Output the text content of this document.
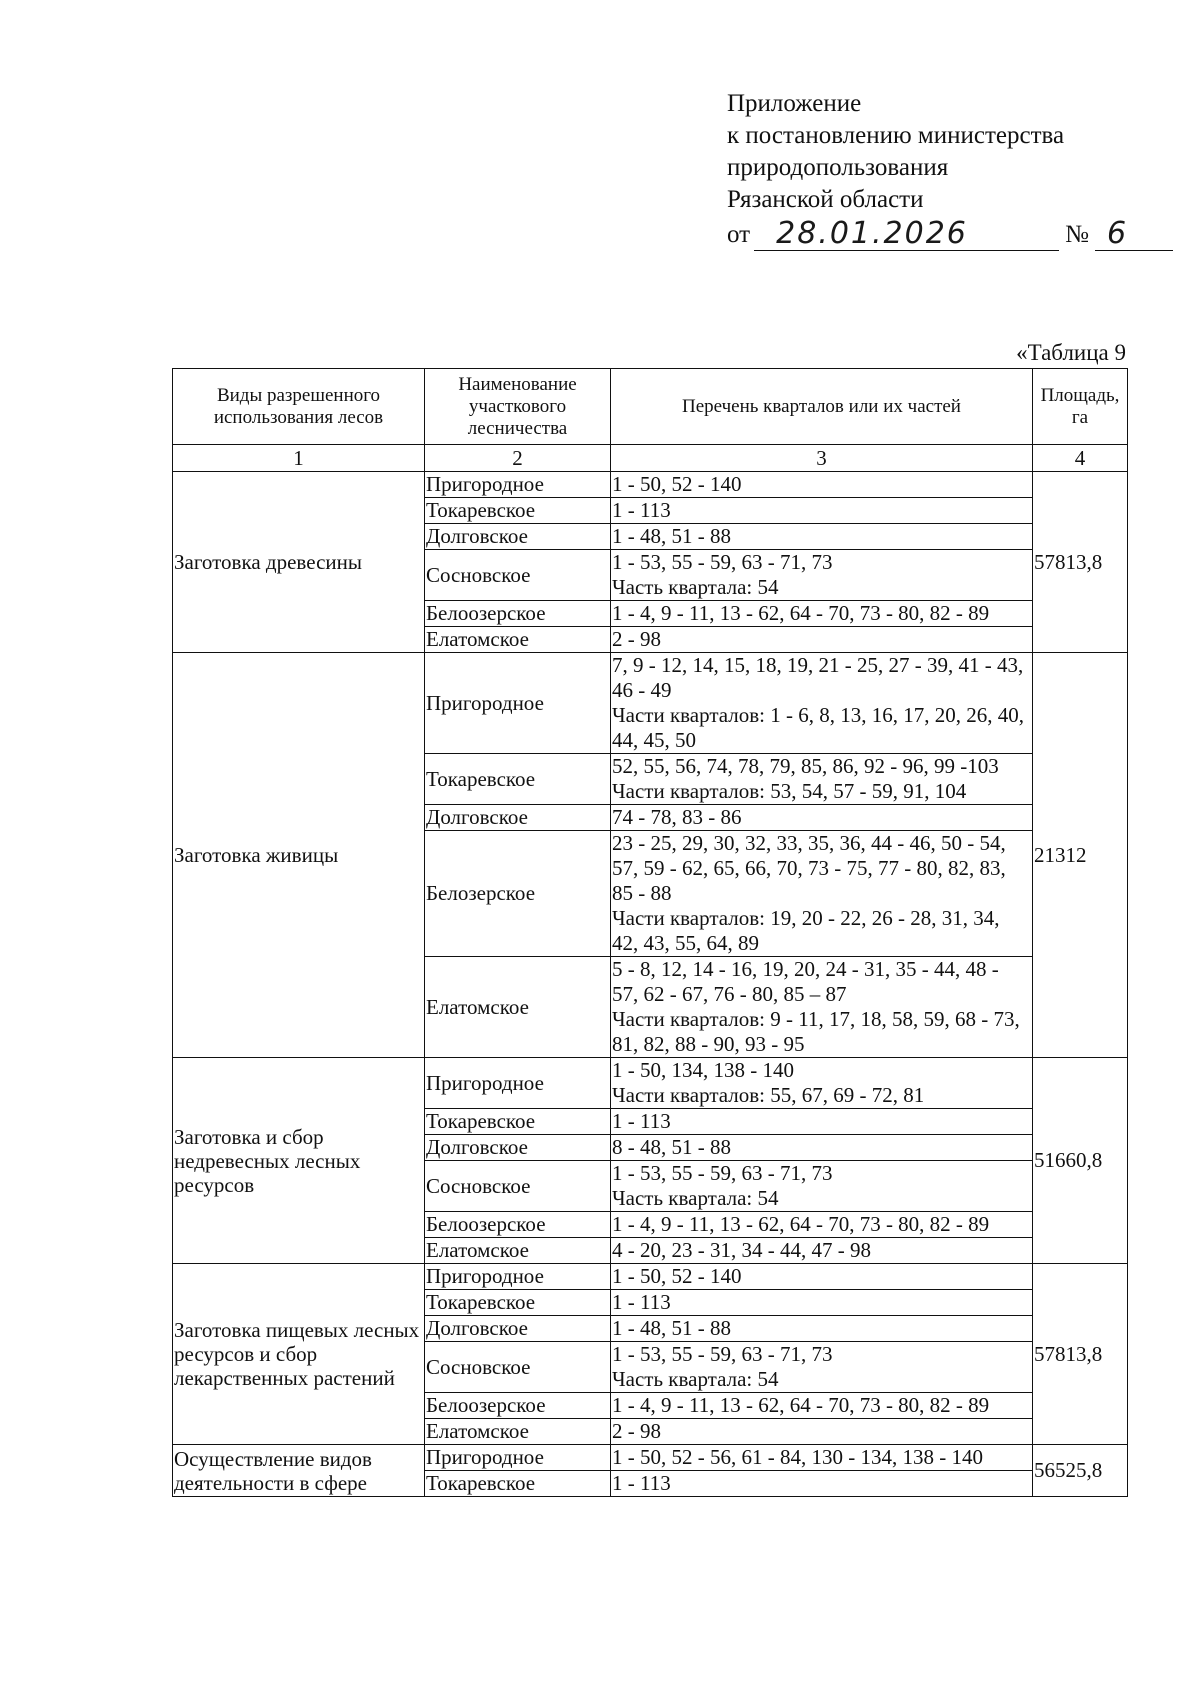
Приложение
к постановлению министерства
природопользования
Рязанской области
от 28.01.2026	№ 6
«Таблица 9
Виды разрешенного использования лесов	Наименование участкового лесничества	Перечень кварталов или их частей	Площадь, га
1	2	3	4
Заготовка древесины	Пригородное	1 - 50, 52 - 140	57813,8
	Токаревское	1 - 113	
	Долговское	1 - 48, 51 - 88	
	Сосновское	1 - 53, 55 - 59, 63 - 71, 73
Часть квартала: 54	
	Белоозерское	1 - 4, 9 - 11, 13 - 62, 64 - 70, 73 - 80, 82 - 89	
	Елатомское	2 - 98	
Заготовка живицы	Пригородное	7, 9 - 12, 14, 15, 18, 19, 21 - 25, 27 - 39, 41 - 43, 46 - 49
Части кварталов: 1 - 6, 8, 13, 16, 17, 20, 26, 40, 44, 45, 50	21312
	Токаревское	52, 55, 56, 74, 78, 79, 85, 86, 92 - 96, 99 -103
Части кварталов: 53, 54, 57 - 59, 91, 104	
	Долговское	74 - 78, 83 - 86	
	Белозерское	23 - 25, 29, 30, 32, 33, 35, 36, 44 - 46, 50 - 54, 57, 59 - 62, 65, 66, 70, 73 - 75, 77 - 80, 82, 83, 85 - 88
Части кварталов: 19, 20 - 22, 26 - 28, 31, 34, 42, 43, 55, 64, 89	
	Елатомское	5 - 8, 12, 14 - 16, 19, 20, 24 - 31, 35 - 44, 48 - 57, 62 - 67, 76 - 80, 85 – 87
Части кварталов: 9 - 11, 17, 18, 58, 59, 68 - 73, 81, 82, 88 - 90, 93 - 95	
Заготовка и сбор недревесных лесных ресурсов	Пригородное	1 - 50, 134, 138 - 140
Части кварталов: 55, 67, 69 - 72, 81	51660,8
	Токаревское	1 - 113	
	Долговское	8 - 48, 51 - 88	
	Сосновское	1 - 53, 55 - 59, 63 - 71, 73
Часть квартала: 54	
	Белоозерское	1 - 4, 9 - 11, 13 - 62, 64 - 70, 73 - 80, 82 - 89	
	Елатомское	4 - 20, 23 - 31, 34 - 44, 47 - 98	
Заготовка пищевых лесных ресурсов и сбор лекарственных растений	Пригородное	1 - 50, 52 - 140	57813,8
	Токаревское	1 - 113	
	Долговское	1 - 48, 51 - 88	
	Сосновское	1 - 53, 55 - 59, 63 - 71, 73
Часть квартала: 54	
	Белоозерское	1 - 4, 9 - 11, 13 - 62, 64 - 70, 73 - 80, 82 - 89	
	Елатомское	2 - 98	
Осуществление видов деятельности в сфере	Пригородное	1 - 50, 52 - 56, 61 - 84, 130 - 134, 138 - 140	56525,8
	Токаревское	1 - 113	
